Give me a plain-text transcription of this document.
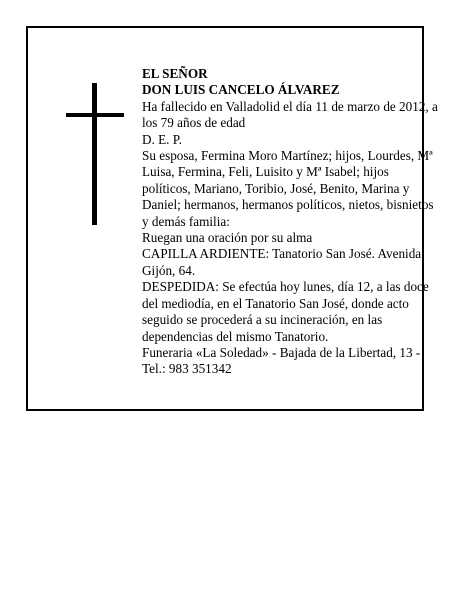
EL SEÑOR

DON LUIS CANCELO ÁLVAREZ

Ha fallecido en Valladolid el día 11 de marzo de 2012, a los 79 años de edad

D. E. P.

Su esposa, Fermina Moro Martínez; hijos, Lourdes, Mª Luisa, Fermina, Feli, Luisito y Mª Isabel; hijos políticos, Mariano, Toribio, José, Benito, Marina y Daniel; hermanos, hermanos políticos, nietos, bisnietos y demás familia:

Ruegan una oración por su alma

CAPILLA ARDIENTE: Tanatorio San José. Avenida Gijón, 64.

DESPEDIDA: Se efectúa hoy lunes, día 12, a las doce del mediodía, en el Tanatorio San José, donde acto seguido se procederá a su incineración, en las dependencias del mismo Tanatorio.

Funeraria «La Soledad» - Bajada de la Libertad, 13 - Tel.: 983 351342
